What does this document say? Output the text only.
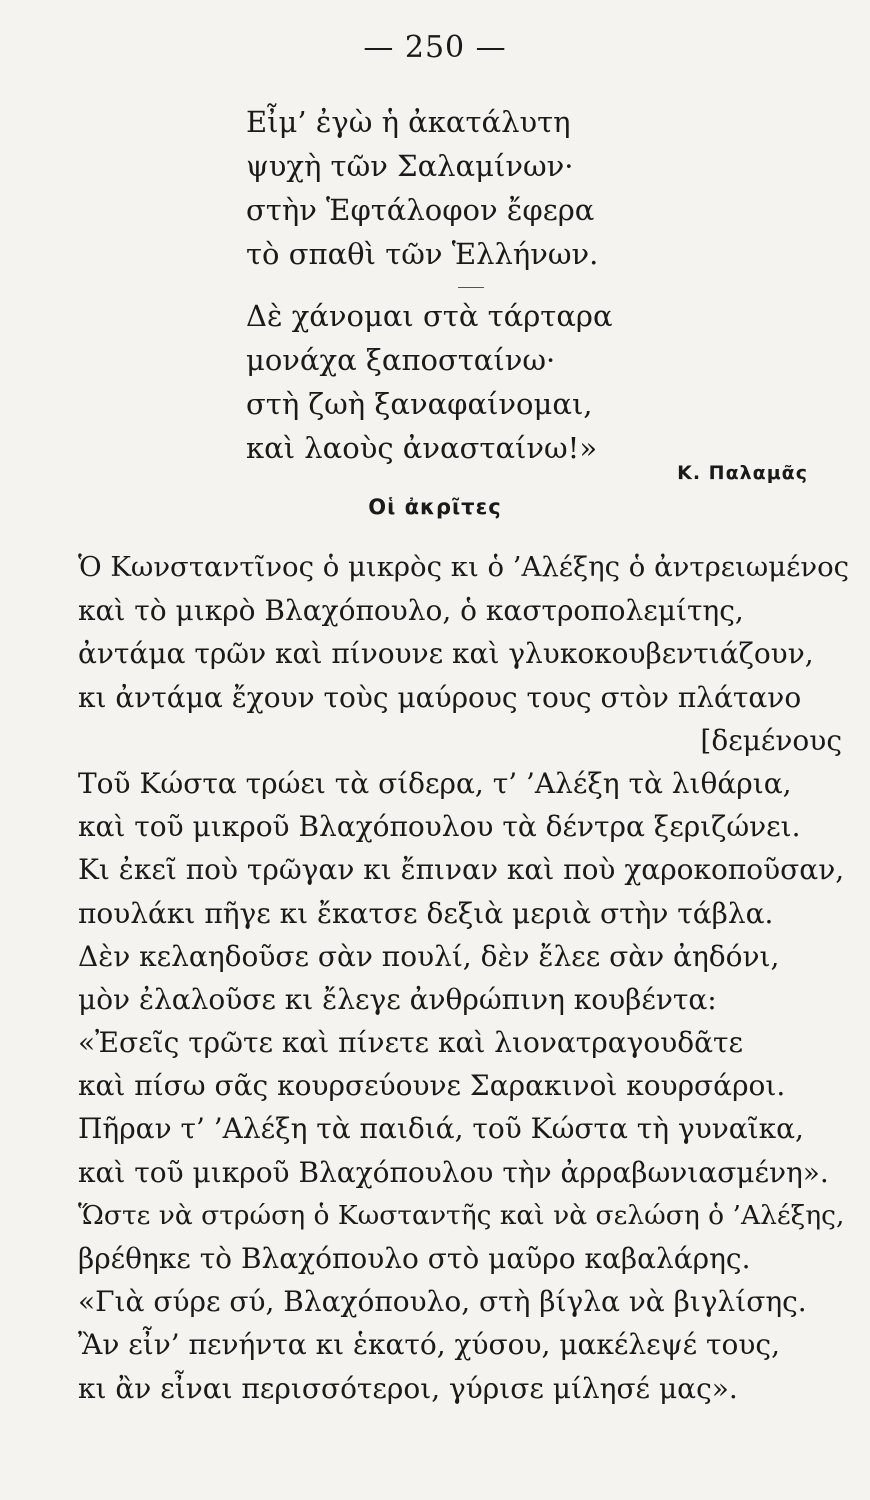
— 250 —
Εἶμ’ ἐγὼ ἡ ἀκατάλυτη
ψυχὴ τῶν Σαλαμίνων·
στὴν Ἑφτάλοφον ἔφερα
τὸ σπαθὶ τῶν Ἑλλήνων.
Δὲ χάνομαι στὰ τάρταρα
μονάχα ξαποσταίνω·
στὴ ζωὴ ξαναφαίνομαι,
καὶ λαοὺς ἀνασταίνω!»
Κ. Παλαμᾶς
Οἱ ἀκρῖτες
Ὁ Κωνσταντῖνος ὁ μικρὸς κι ὁ ’Αλέξης ὁ ἀντρειωμένος
καὶ τὸ μικρὸ Βλαχόπουλο, ὁ καστροπολεμίτης,
ἀντάμα τρῶν καὶ πίνουνε καὶ γλυκοκουβεντιάζουν,
κι ἀντάμα ἔχουν τοὺς μαύρους τους στὸν πλάτανο
[δεμένους
Τοῦ Κώστα τρώει τὰ σίδερα, τ’ ’Αλέξη τὰ λιθάρια,
καὶ τοῦ μικροῦ Βλαχόπουλου τὰ δέντρα ξεριζώνει.
Κι ἐκεῖ ποὺ τρῶγαν κι ἔπιναν καὶ ποὺ χαροκοποῦσαν,
πουλάκι πῆγε κι ἔκατσε δεξιὰ μεριὰ στὴν τάβλα.
Δὲν κελαηδοῦσε σὰν πουλί, δὲν ἔλεε σὰν ἀηδόνι,
μὸν ἐλαλοῦσε κι ἔλεγε ἀνθρώπινη κουβέντα:
«Ἐσεῖς τρῶτε καὶ πίνετε καὶ λιονατραγουδᾶτε
καὶ πίσω σᾶς κουρσεύουνε Σαρακινοὶ κουρσάροι.
Πῆραν τ’ ’Αλέξη τὰ παιδιά, τοῦ Κώστα τὴ γυναῖκα,
καὶ τοῦ μικροῦ Βλαχόπουλου τὴν ἀρραβωνιασμένη».
Ὥστε νὰ στρώση ὁ Κωσταντῆς καὶ νὰ σελώση ὁ ’Αλέξης,
βρέθηκε τὸ Βλαχόπουλο στὸ μαῦρο καβαλάρης.
«Γιὰ σύρε σύ, Βλαχόπουλο, στὴ βίγλα νὰ βιγλίσης.
Ἂν εἶν’ πενήντα κι ἑκατό, χύσου, μακέλεψέ τους,
κι ἂν εἶναι περισσότεροι, γύρισε μίλησέ μας».
